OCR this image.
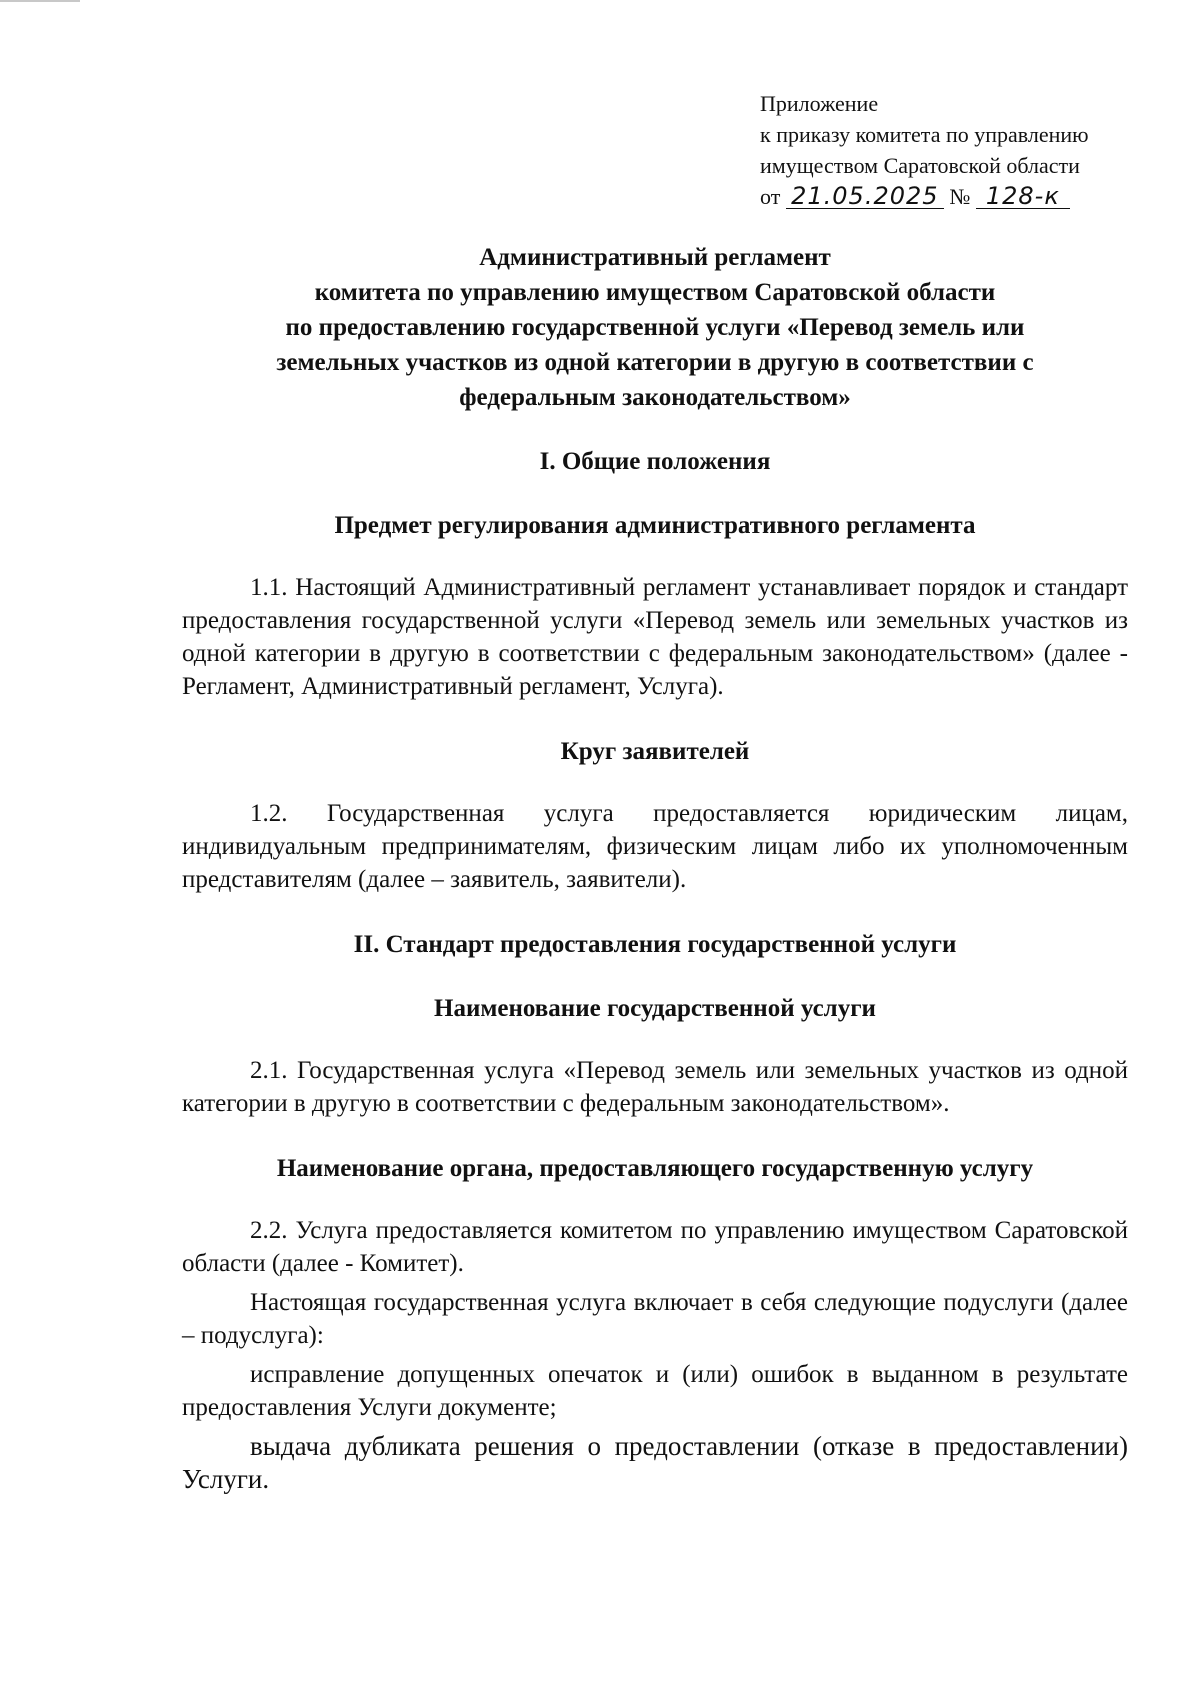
Приложение
к приказу комитета по управлению
имуществом Саратовской области
от 21.05.2025 № 128-к
Административный регламент
комитета по управлению имуществом Саратовской области
по предоставлению государственной услуги «Перевод земель или
земельных участков из одной категории в другую в соответствии с
федеральным законодательством»
I. Общие положения
Предмет регулирования административного регламента

1.1. Настоящий Административный регламент устанавливает порядок и стандарт предоставления государственной услуги «Перевод земель или земельных участков из одной категории в другую в соответствии с федеральным законодательством» (далее - Регламент, Административный регламент, Услуга).

Круг заявителей

1.2. Государственная услуга предоставляется юридическим лицам, индивидуальным предпринимателям, физическим лицам либо их уполномоченным представителям (далее – заявитель, заявители).

II. Стандарт предоставления государственной услуги
Наименование государственной услуги

2.1. Государственная услуга «Перевод земель или земельных участков из одной категории в другую в соответствии с федеральным законодательством».

Наименование органа, предоставляющего государственную услугу

2.2. Услуга предоставляется комитетом по управлению имуществом Саратовской области (далее - Комитет).

Настоящая государственная услуга включает в себя следующие подуслуги (далее – подуслуга):

исправление допущенных опечаток и (или) ошибок в выданном в результате предоставления Услуги документе;

выдача дубликата решения о предоставлении (отказе в предоставлении) Услуги.
